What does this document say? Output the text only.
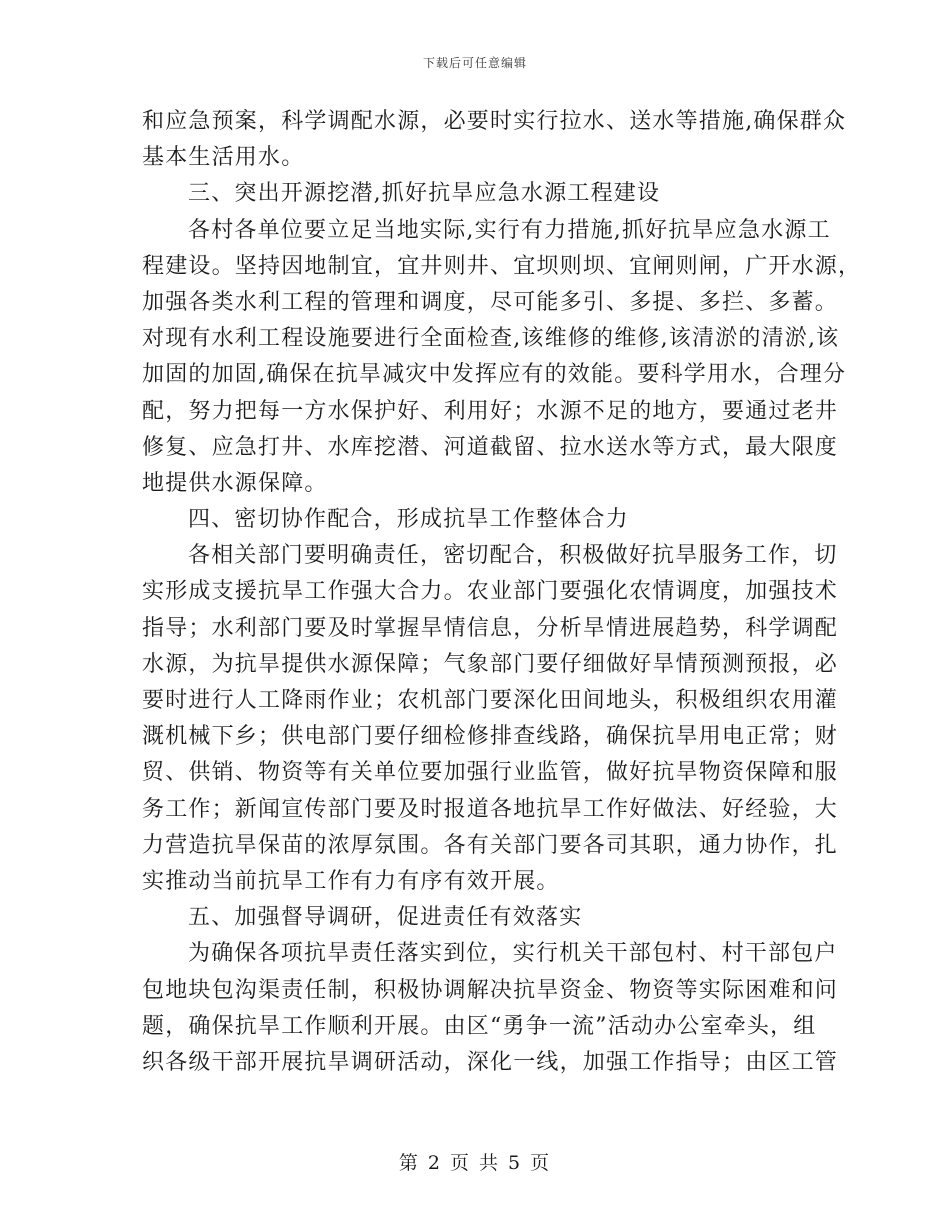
下载后可任意编辑
和应急预案，科学调配水源，必要时实行拉水、送水等措施,确保群众
基本生活用水。
三、突出开源挖潜,抓好抗旱应急水源工程建设
各村各单位要立足当地实际,实行有力措施,抓好抗旱应急水源工
程建设。坚持因地制宜，宜井则井、宜坝则坝、宜闸则闸，广开水源，
加强各类水利工程的管理和调度，尽可能多引、多提、多拦、多蓄。
对现有水利工程设施要进行全面检查,该维修的维修,该清淤的清淤,该
加固的加固,确保在抗旱减灾中发挥应有的效能。要科学用水，合理分
配，努力把每一方水保护好、利用好；水源不足的地方，要通过老井
修复、应急打井、水库挖潜、河道截留、拉水送水等方式，最大限度
地提供水源保障。
四、密切协作配合，形成抗旱工作整体合力
各相关部门要明确责任，密切配合，积极做好抗旱服务工作，切
实形成支援抗旱工作强大合力。农业部门要强化农情调度，加强技术
指导；水利部门要及时掌握旱情信息，分析旱情进展趋势，科学调配
水源，为抗旱提供水源保障；气象部门要仔细做好旱情预测预报，必
要时进行人工降雨作业；农机部门要深化田间地头，积极组织农用灌
溉机械下乡；供电部门要仔细检修排查线路，确保抗旱用电正常；财
贸、供销、物资等有关单位要加强行业监管，做好抗旱物资保障和服
务工作；新闻宣传部门要及时报道各地抗旱工作好做法、好经验，大
力营造抗旱保苗的浓厚氛围。各有关部门要各司其职，通力协作，扎
实推动当前抗旱工作有力有序有效开展。
五、加强督导调研，促进责任有效落实
为确保各项抗旱责任落实到位，实行机关干部包村、村干部包户
包地块包沟渠责任制，积极协调解决抗旱资金、物资等实际困难和问
题，确保抗旱工作顺利开展。由区“勇争一流”活动办公室牵头，组
织各级干部开展抗旱调研活动，深化一线，加强工作指导；由区工管
第 2 页 共 5 页
